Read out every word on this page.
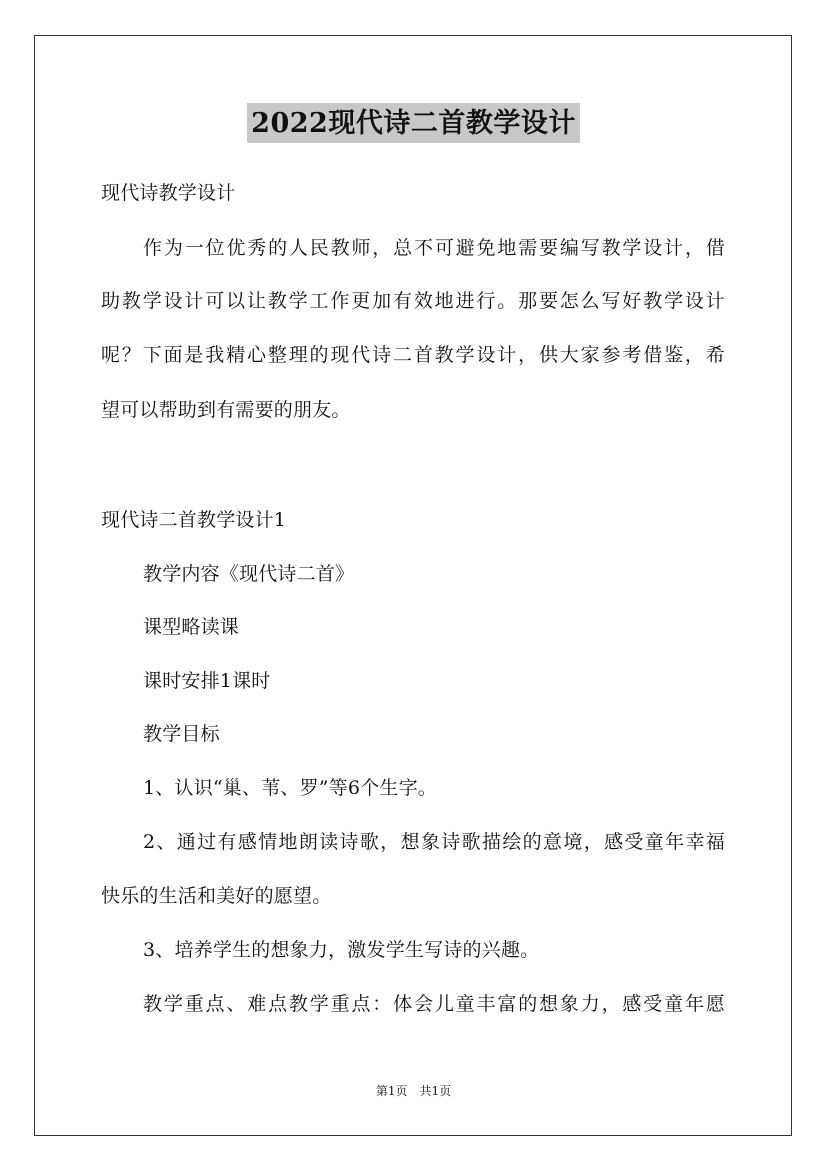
2022现代诗二首教学设计
现代诗教学设计
作为一位优秀的人民教师，总不可避免地需要编写教学设计，借
助教学设计可以让教学工作更加有效地进行。那要怎么写好教学设计
呢？下面是我精心整理的现代诗二首教学设计，供大家参考借鉴，希
望可以帮助到有需要的朋友。
现代诗二首教学设计1
教学内容《现代诗二首》
课型略读课
课时安排1课时
教学目标
1、认识“巢、苇、罗”等6个生字。
2、通过有感情地朗读诗歌，想象诗歌描绘的意境，感受童年幸福
快乐的生活和美好的愿望。
3、培养学生的想象力，激发学生写诗的兴趣。
教学重点、难点教学重点：体会儿童丰富的想象力，感受童年愿
第1页　共1页
